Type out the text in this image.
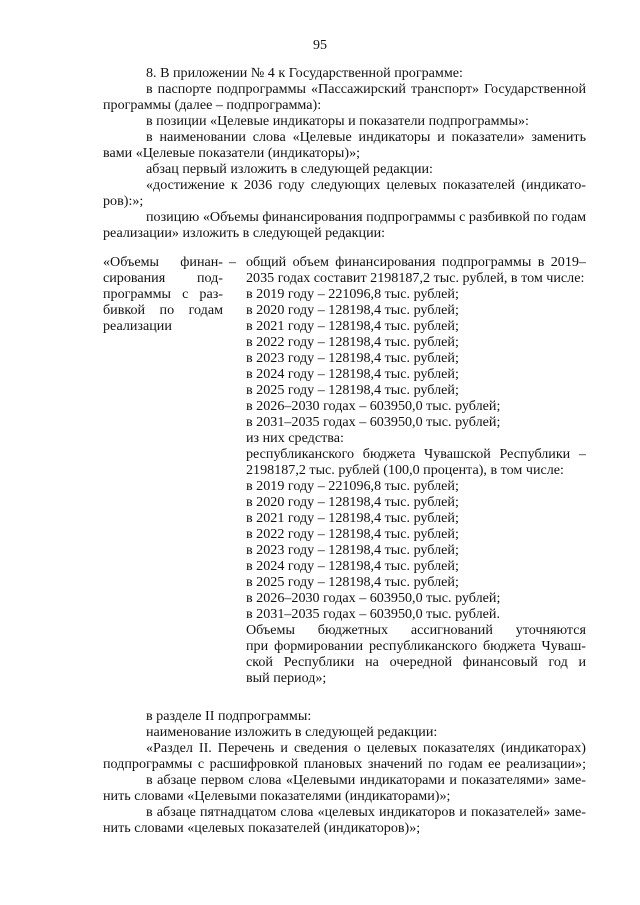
95
8. В приложении № 4 к Государственной программе:
в паспорте подпрограммы «Пассажирский транспорт» Государственной
программы (далее – подпрограмма):
в позиции «Целевые индикаторы и показатели подпрограммы»:
в наименовании слова «Целевые индикаторы и показатели» заменить
вами «Целевые показатели (индикаторы)»;
абзац первый изложить в следующей редакции:
«достижение к 2036 году следующих целевых показателей (индикато-
ров):»;
позицию «Объемы финансирования подпрограммы с разбивкой по годам
реализации» изложить в следующей редакции:
«Объемы финан-
сирования под-
программы с раз-
бивкой по годам
реализации
– общий объем финансирования подпрограммы в 2019–
2035 годах составит 2198187,2 тыс. рублей, в том числе:
в 2019 году – 221096,8 тыс. рублей;
в 2020 году – 128198,4 тыс. рублей;
в 2021 году – 128198,4 тыс. рублей;
в 2022 году – 128198,4 тыс. рублей;
в 2023 году – 128198,4 тыс. рублей;
в 2024 году – 128198,4 тыс. рублей;
в 2025 году – 128198,4 тыс. рублей;
в 2026–2030 годах – 603950,0 тыс. рублей;
в 2031–2035 годах – 603950,0 тыс. рублей;
из них средства:
республиканского бюджета Чувашской Республики –
2198187,2 тыс. рублей (100,0 процента), в том числе:
в 2019 году – 221096,8 тыс. рублей;
в 2020 году – 128198,4 тыс. рублей;
в 2021 году – 128198,4 тыс. рублей;
в 2022 году – 128198,4 тыс. рублей;
в 2023 году – 128198,4 тыс. рублей;
в 2024 году – 128198,4 тыс. рублей;
в 2025 году – 128198,4 тыс. рублей;
в 2026–2030 годах – 603950,0 тыс. рублей;
в 2031–2035 годах – 603950,0 тыс. рублей.
Объемы бюджетных ассигнований уточняются
при формировании республиканского бюджета Чуваш-
ской Республики на очередной финансовый год и
вый период»;
в разделе II подпрограммы:
наименование изложить в следующей редакции:
«Раздел II. Перечень и сведения о целевых показателях (индикаторах)
подпрограммы с расшифровкой плановых значений по годам ее реализации»;
в абзаце первом слова «Целевыми индикаторами и показателями» заме-
нить словами «Целевыми показателями (индикаторами)»;
в абзаце пятнадцатом слова «целевых индикаторов и показателей» заме-
нить словами «целевых показателей (индикаторов)»;
